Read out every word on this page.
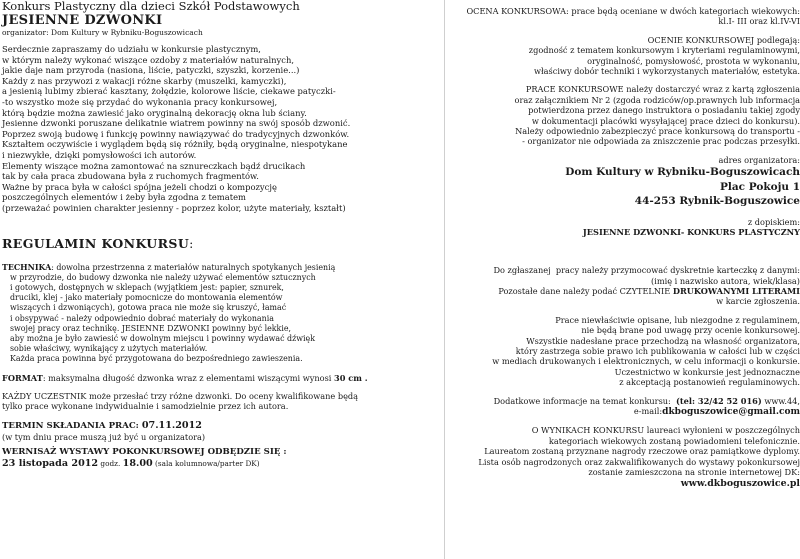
Konkurs Plastyczny dla dzieci Szkół Podstawowych

JESIENNE DZWONKI

organizator: Dom Kultury w Rybniku-Boguszowicach

Serdecznie zapraszamy do udziału w konkursie plastycznym,

w którym należy wykonać wiszące ozdoby z materiałów naturalnych,

jakie daje nam przyroda (nasiona, liście, patyczki, szyszki, korzenie...)

Każdy z nas przywozi z wakacji różne skarby (muszelki, kamyczki),

a jesienią lubimy zbierać kasztany, żołędzie, kolorowe liście, ciekawe patyczki-

-to wszystko może się przydać do wykonania pracy konkursowej,

którą będzie można zawiesić jako oryginalną dekorację okna lub ściany.

Jesienne dzwonki poruszane delikatnie wiatrem powinny na swój sposób dzwonić.

Poprzez swoją budowę i funkcję powinny nawiązywać do tradycyjnych dzwonków.

Kształtem oczywiście i wyglądem będą się różniły, będą oryginalne, niespotykane

i niezwykłe, dzięki pomysłowości ich autorów.

Elementy wiszące można zamontować na sznureczkach bądź drucikach

tak by cała praca zbudowana była z ruchomych fragmentów.

Ważne by praca była w całości spójna jeżeli chodzi o kompozycję

poszczególnych elementów i żeby była zgodna z tematem

(przeważać powinien charakter jesienny - poprzez kolor, użyte materiały, kształt)

REGULAMIN KONKURSU:

TECHNIKA: dowolna przestrzenna z materiałów naturalnych spotykanych jesienią

w przyrodzie, do budowy dzwonka nie należy używać elementów sztucznych

i gotowych, dostępnych w sklepach (wyjątkiem jest: papier, sznurek,

druciki, klej - jako materiały pomocnicze do montowania elementów

wiszących i dzwoniących), gotowa praca nie może się kruszyć, łamać

i obsypywać - należy odpowiednio dobrać materiały do wykonania

swojej pracy oraz technikę. JESIENNE DZWONKI powinny być lekkie,

aby można je było zawiesić w dowolnym miejscu i powinny wydawać dźwięk

sobie właściwy, wynikający z użytych materiałów.

Każda praca powinna być przygotowana do bezpośredniego zawieszenia.

FORMAT: maksymalna długość dzwonka wraz z elementami wiszącymi wynosi 30 cm .

KAŻDY UCZESTNIK może przesłać trzy różne dzwonki. Do oceny kwalifikowane będą

tylko prace wykonane indywidualnie i samodzielnie przez ich autora.

TERMIN SKŁADANIA PRAC: 07.11.2012

(w tym dniu prace muszą już być u organizatora)

WERNISAŻ WYSTAWY POKONKURSOWEJ ODBĘDZIE SIĘ :

23 listopada 2012 godz. 18.00 (sala kolumnowa/parter DK)

OCENA KONKURSOWA: prace będą oceniane w dwóch kategoriach wiekowych:

kl.I- III oraz kl.IV-VI

OCENIE KONKURSOWEJ podlegają:

zgodność z tematem konkursowym i kryteriami regulaminowymi,

oryginalność, pomysłowość, prostota w wykonaniu,

właściwy dobór techniki i wykorzystanych materiałów, estetyka.

PRACE KONKURSOWE należy dostarczyć wraz z kartą zgłoszenia

oraz załącznikiem Nr 2 (zgoda rodziców/op.prawnych lub informacja

potwierdzona przez danego instruktora o posiadaniu takiej zgody

w dokumentacji placówki wysyłającej prace dzieci do konkursu).

Należy odpowiednio zabezpieczyć prace konkursową do transportu -

- organizator nie odpowiada za zniszczenie prac podczas przesyłki.

adres organizatora:

Dom Kultury w Rybniku-Boguszowicach

Plac Pokoju 1

44-253 Rybnik-Boguszowice

z dopiskiem:

JESIENNE DZWONKI- KONKURS PLASTYCZNY

Do zgłaszanej  pracy należy przymocować dyskretnie karteczkę z danymi:

(imię i nazwisko autora, wiek/klasa)

Pozostałe dane należy podać CZYTELNIE DRUKOWANYMI LITERAMI

w karcie zgłoszenia.

Prace niewłaściwie opisane, lub niezgodne z regulaminem,

nie będą brane pod uwagę przy ocenie konkursowej.

Wszystkie nadesłane prace przechodzą na własność organizatora,

który zastrzega sobie prawo ich publikowania w całości lub w części

w mediach drukowanych i elektronicznych, w celu informacji o konkursie.

Uczestnictwo w konkursie jest jednoznaczne

z akceptacją postanowień regulaminowych.

Dodatkowe informacje na temat konkursu:  (tel: 32/42 52 016) www.44,

e-mail:dkboguszowice@gmail.com

O WYNIKACH KONKURSU laureaci wyłonieni w poszczególnych

kategoriach wiekowych zostaną powiadomieni telefonicznie.

Laureatom zostaną przyznane nagrody rzeczowe oraz pamiątkowe dyplomy.

Lista osób nagrodzonych oraz zakwalifikowanych do wystawy pokonkursowej

zostanie zamieszczona na stronie internetowej DK:

www.dkboguszowice.pl
